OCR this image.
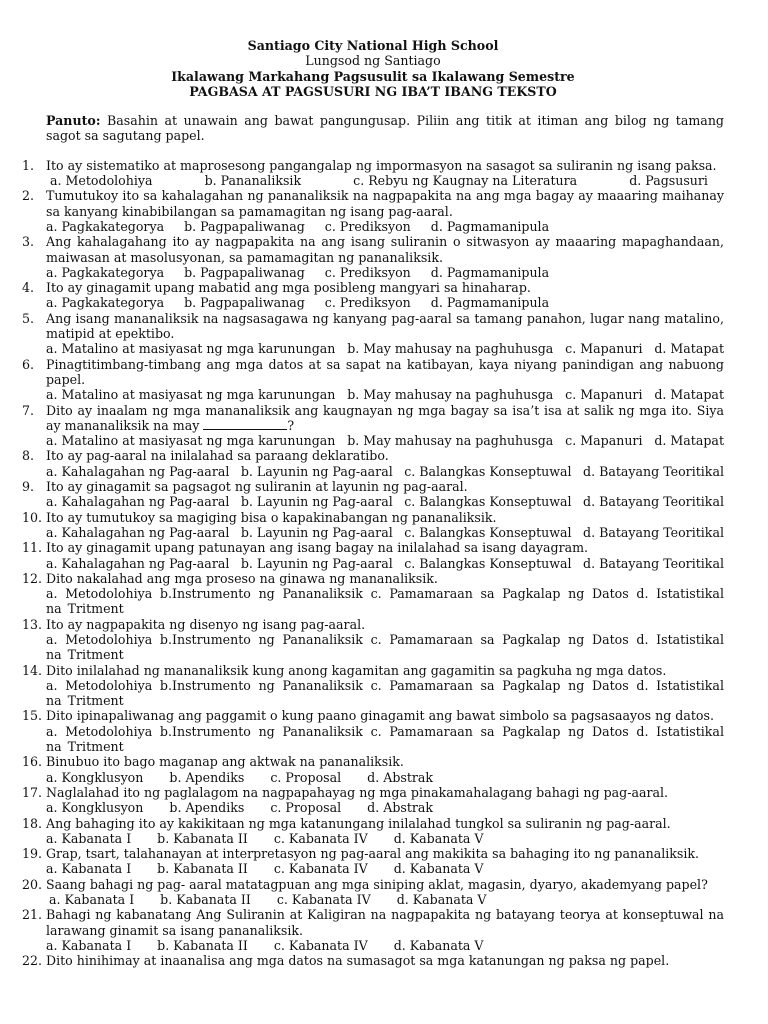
Santiago City National High School
Lungsod ng Santiago
Ikalawang Markahang Pagsusulit sa Ikalawang Semestre
PAGBASA AT PAGSUSURI NG IBA’T IBANG TEKSTO
Panuto: Basahin at unawain ang bawat pangungusap. Piliin ang titik at itiman ang bilog ng tamang sagot sa sagutang papel.
1. Ito ay sistematiko at maprosesong pangangalap ng impormasyon na sasagot sa suliranin ng isang paksa.
a. Metodolohiya	b. Pananaliksik	c. Rebyu ng Kaugnay na Literatura	d. Pagsusuri
2. Tumutukoy ito sa kahalagahan ng pananaliksik na nagpapakita na ang mga bagay ay maaaring maihanay sa kanyang kinabibilangan sa pamamagitan ng isang pag-aaral.
a. Pagkakategorya b. Pagpapaliwanag c. Prediksyon d. Pagmamanipula
3. Ang kahalagahang ito ay nagpapakita na ang isang suliranin o sitwasyon ay maaaring mapaghandaan, maiwasan at masolusyonan, sa pamamagitan ng pananaliksik.
a. Pagkakategorya b. Pagpapaliwanag c. Prediksyon d. Pagmamanipula
4. Ito ay ginagamit upang mabatid ang mga posibleng mangyari sa hinaharap.
a. Pagkakategorya b. Pagpapaliwanag c. Prediksyon d. Pagmamanipula
5. Ang isang mananaliksik na nagsasagawa ng kanyang pag-aaral sa tamang panahon, lugar nang matalino, matipid at epektibo.
a. Matalino at masiyasat ng mga karunungan b. May mahusay na paghuhusga c. Mapanuri d. Matapat
6. Pinagtitimbang-timbang ang mga datos at sa sapat na katibayan, kaya niyang panindigan ang nabuong papel.
a. Matalino at masiyasat ng mga karunungan b. May mahusay na paghuhusga c. Mapanuri d. Matapat
7. Dito ay inaalam ng mga mananaliksik ang kaugnayan ng mga bagay sa isa’t isa at salik ng mga ito. Siya ay mananaliksik na may	?
a. Matalino at masiyasat ng mga karunungan b. May mahusay na paghuhusga c. Mapanuri d. Matapat
8. Ito ay pag-aaral na inilalahad sa paraang deklaratibo.
a. Kahalagahan ng Pag-aaral b. Layunin ng Pag-aaral c. Balangkas Konseptuwal d. Batayang Teoritikal
9. Ito ay ginagamit sa pagsagot ng suliranin at layunin ng pag-aaral.
a. Kahalagahan ng Pag-aaral b. Layunin ng Pag-aaral c. Balangkas Konseptuwal d. Batayang Teoritikal
10. Ito ay tumutukoy sa magiging bisa o kapakinabangan ng pananaliksik.
a. Kahalagahan ng Pag-aaral b. Layunin ng Pag-aaral c. Balangkas Konseptuwal d. Batayang Teoritikal
11. Ito ay ginagamit upang patunayan ang isang bagay na inilalahad sa isang dayagram.
a. Kahalagahan ng Pag-aaral b. Layunin ng Pag-aaral c. Balangkas Konseptuwal d. Batayang Teoritikal
12. Dito nakalahad ang mga proseso na ginawa ng mananaliksik.
a. Metodolohiya b.Instrumento ng Pananaliksik c. Pamamaraan sa Pagkalap ng Datos d. Istatistikal na Tritment
13. Ito ay nagpapakita ng disenyo ng isang pag-aaral.
a. Metodolohiya b.Instrumento ng Pananaliksik c. Pamamaraan sa Pagkalap ng Datos d. Istatistikal na Tritment
14. Dito inilalahad ng mananaliksik kung anong kagamitan ang gagamitin sa pagkuha ng mga datos.
a. Metodolohiya b.Instrumento ng Pananaliksik c. Pamamaraan sa Pagkalap ng Datos d. Istatistikal na Tritment
15. Dito ipinapaliwanag ang paggamit o kung paano ginagamit ang bawat simbolo sa pagsasaayos ng datos.
a. Metodolohiya b.Instrumento ng Pananaliksik c. Pamamaraan sa Pagkalap ng Datos d. Istatistikal na Tritment
16. Binubuo ito bago maganap ang aktwak na pananaliksik.
a. Kongklusyon b. Apendiks c. Proposal d. Abstrak
17. Naglalahad ito ng paglalagom na nagpapahayag ng mga pinakamahalagang bahagi ng pag-aaral.
a. Kongklusyon b. Apendiks c. Proposal d. Abstrak
18. Ang bahaging ito ay kakikitaan ng mga katanungang inilalahad tungkol sa suliranin ng pag-aaral.
a. Kabanata I b. Kabanata II c. Kabanata IV d. Kabanata V
19. Grap, tsart, talahanayan at interpretasyon ng pag-aaral ang makikita sa bahaging ito ng pananaliksik.
a. Kabanata I b. Kabanata II c. Kabanata IV d. Kabanata V
20. Saang bahagi ng pag- aaral matatagpuan ang mga siniping aklat, magasin, dyaryo, akademyang papel?
a. Kabanata I b. Kabanata II c. Kabanata IV d. Kabanata V
21. Bahagi ng kabanatang Ang Suliranin at Kaligiran na nagpapakita ng batayang teorya at konseptuwal na larawang ginamit sa isang pananaliksik.
a. Kabanata I b. Kabanata II c. Kabanata IV d. Kabanata V
22. Dito hinihimay at inaanalisa ang mga datos na sumasagot sa mga katanungan ng paksa ng papel.
